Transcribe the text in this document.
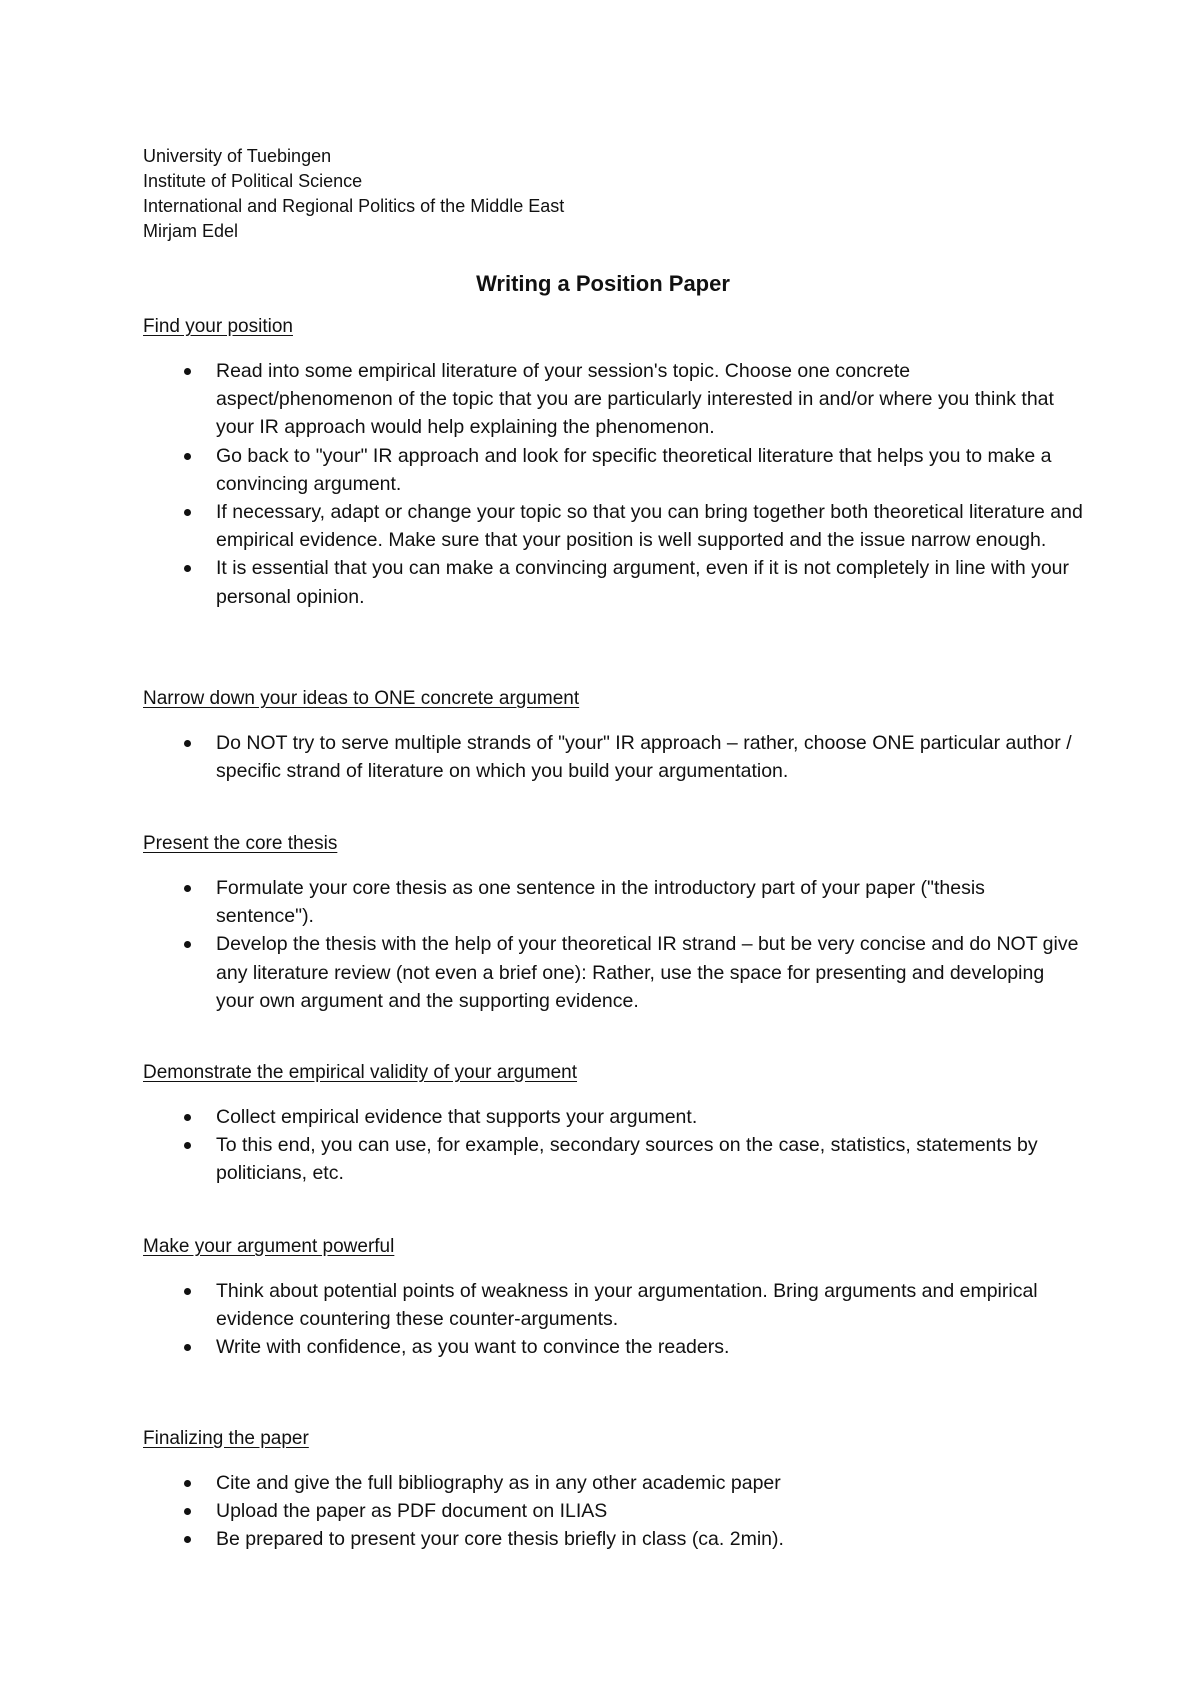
University of Tuebingen
Institute of Political Science
International and Regional Politics of the Middle East
Mirjam Edel
Writing a Position Paper
Find your position
Read into some empirical literature of your session's topic. Choose one concrete aspect/phenomenon of the topic that you are particularly interested in and/or where you think that your IR approach would help explaining the phenomenon.
Go back to "your" IR approach and look for specific theoretical literature that helps you to make a convincing argument.
If necessary, adapt or change your topic so that you can bring together both theoretical literature and empirical evidence. Make sure that your position is well supported and the issue narrow enough.
It is essential that you can make a convincing argument, even if it is not completely in line with your personal opinion.
Narrow down your ideas to ONE concrete argument
Do NOT try to serve multiple strands of "your" IR approach – rather, choose ONE particular author / specific strand of literature on which you build your argumentation.
Present the core thesis
Formulate your core thesis as one sentence in the introductory part of your paper ("thesis sentence").
Develop the thesis with the help of your theoretical IR strand – but be very concise and do NOT give any literature review (not even a brief one): Rather, use the space for presenting and developing your own argument and the supporting evidence.
Demonstrate the empirical validity of your argument
Collect empirical evidence that supports your argument.
To this end, you can use, for example, secondary sources on the case, statistics, statements by politicians, etc.
Make your argument powerful
Think about potential points of weakness in your argumentation. Bring arguments and empirical evidence countering these counter-arguments.
Write with confidence, as you want to convince the readers.
Finalizing the paper
Cite and give the full bibliography as in any other academic paper
Upload the paper as PDF document on ILIAS
Be prepared to present your core thesis briefly in class (ca. 2min).
